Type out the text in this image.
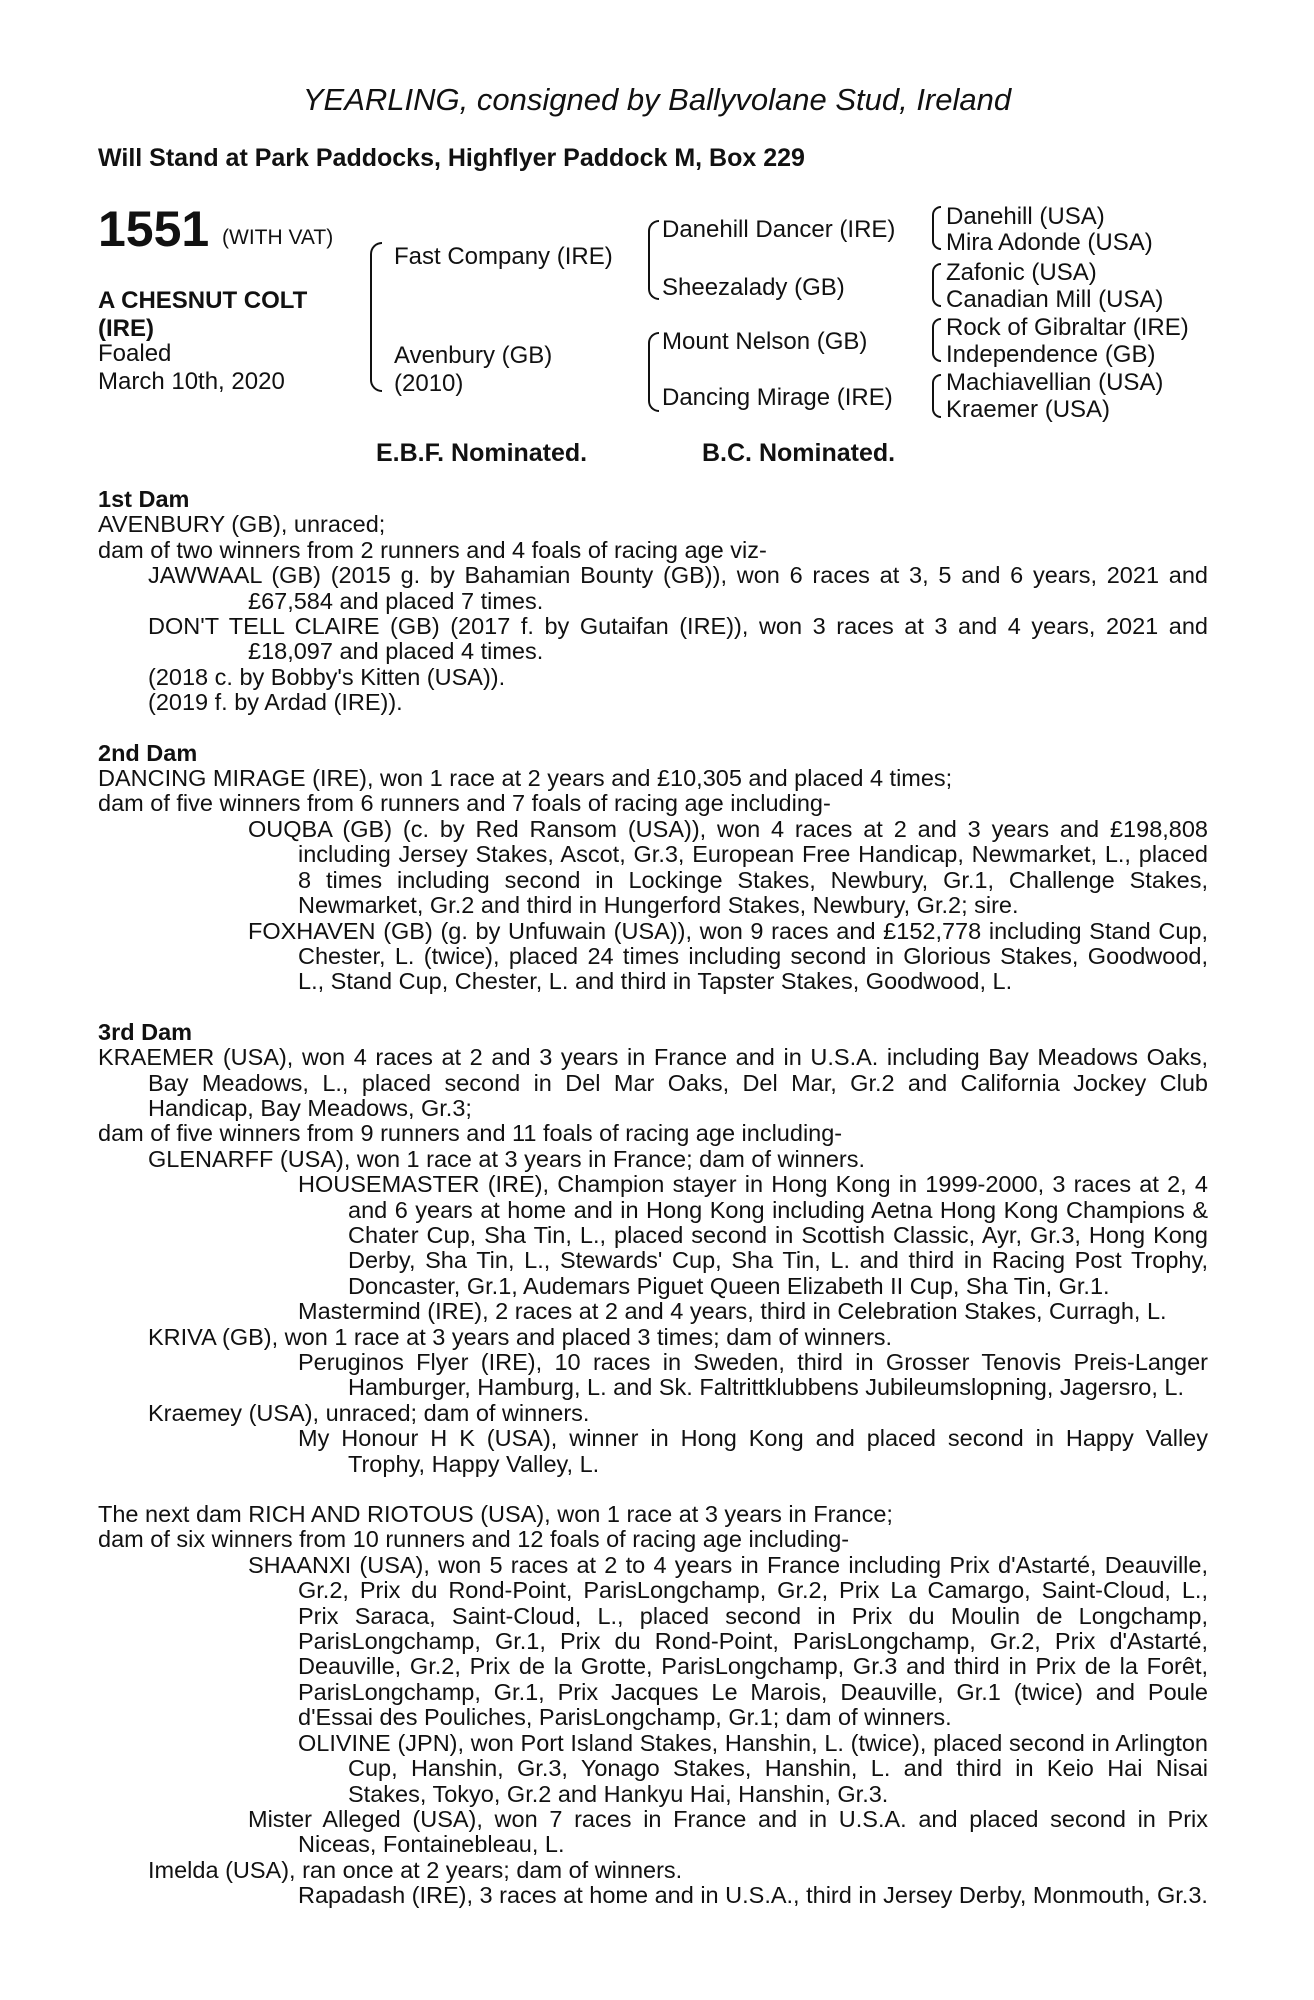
YEARLING, consigned by Ballyvolane Stud, Ireland
Will Stand at Park Paddocks, Highflyer Paddock M, Box 229
1551 (WITH VAT)
A CHESNUT COLT
(IRE)
Foaled
March 10th, 2020
Fast Company (IRE)
Avenbury (GB)
(2010)
Danehill Dancer (IRE)
Sheezalady (GB)
Mount Nelson (GB)
Dancing Mirage (IRE)
Danehill (USA)
Mira Adonde (USA)
Zafonic (USA)
Canadian Mill (USA)
Rock of Gibraltar (IRE)
Independence (GB)
Machiavellian (USA)
Kraemer (USA)
E.B.F. Nominated.	B.C. Nominated.

1st Dam

AVENBURY (GB), unraced;

dam of two winners from 2 runners and 4 foals of racing age viz-

JAWWAAL (GB) (2015 g. by Bahamian Bounty (GB)), won 6 races at 3, 5 and 6 years, 2021 and £67,584 and placed 7 times.

DON'T TELL CLAIRE (GB) (2017 f. by Gutaifan (IRE)), won 3 races at 3 and 4 years, 2021 and £18,097 and placed 4 times.

(2018 c. by Bobby's Kitten (USA)).

(2019 f. by Ardad (IRE)).

2nd Dam

DANCING MIRAGE (IRE), won 1 race at 2 years and £10,305 and placed 4 times;

dam of five winners from 6 runners and 7 foals of racing age including-

OUQBA (GB) (c. by Red Ransom (USA)), won 4 races at 2 and 3 years and £198,808 including Jersey Stakes, Ascot, Gr.3, European Free Handicap, Newmarket, L., placed 8 times including second in Lockinge Stakes, Newbury, Gr.1, Challenge Stakes, Newmarket, Gr.2 and third in Hungerford Stakes, Newbury, Gr.2; sire.

FOXHAVEN (GB) (g. by Unfuwain (USA)), won 9 races and £152,778 including Stand Cup, Chester, L. (twice), placed 24 times including second in Glorious Stakes, Goodwood, L., Stand Cup, Chester, L. and third in Tapster Stakes, Goodwood, L.

3rd Dam

KRAEMER (USA), won 4 races at 2 and 3 years in France and in U.S.A. including Bay Meadows Oaks, Bay Meadows, L., placed second in Del Mar Oaks, Del Mar, Gr.2 and California Jockey Club Handicap, Bay Meadows, Gr.3;

dam of five winners from 9 runners and 11 foals of racing age including-

GLENARFF (USA), won 1 race at 3 years in France; dam of winners.

HOUSEMASTER (IRE), Champion stayer in Hong Kong in 1999-2000, 3 races at 2, 4 and 6 years at home and in Hong Kong including Aetna Hong Kong Champions & Chater Cup, Sha Tin, L., placed second in Scottish Classic, Ayr, Gr.3, Hong Kong Derby, Sha Tin, L., Stewards' Cup, Sha Tin, L. and third in Racing Post Trophy, Doncaster, Gr.1, Audemars Piguet Queen Elizabeth II Cup, Sha Tin, Gr.1.

Mastermind (IRE), 2 races at 2 and 4 years, third in Celebration Stakes, Curragh, L.

KRIVA (GB), won 1 race at 3 years and placed 3 times; dam of winners.

Peruginos Flyer (IRE), 10 races in Sweden, third in Grosser Tenovis Preis-Langer Hamburger, Hamburg, L. and Sk. Faltrittklubbens Jubileumslopning, Jagersro, L.

Kraemey (USA), unraced; dam of winners.

My Honour H K (USA), winner in Hong Kong and placed second in Happy Valley Trophy, Happy Valley, L.

The next dam RICH AND RIOTOUS (USA), won 1 race at 3 years in France;

dam of six winners from 10 runners and 12 foals of racing age including-

SHAANXI (USA), won 5 races at 2 to 4 years in France including Prix d'Astarté, Deauville, Gr.2, Prix du Rond-Point, ParisLongchamp, Gr.2, Prix La Camargo, Saint-Cloud, L., Prix Saraca, Saint-Cloud, L., placed second in Prix du Moulin de Longchamp, ParisLongchamp, Gr.1, Prix du Rond-Point, ParisLongchamp, Gr.2, Prix d'Astarté, Deauville, Gr.2, Prix de la Grotte, ParisLongchamp, Gr.3 and third in Prix de la Forêt, ParisLongchamp, Gr.1, Prix Jacques Le Marois, Deauville, Gr.1 (twice) and Poule d'Essai des Pouliches, ParisLongchamp, Gr.1; dam of winners.

OLIVINE (JPN), won Port Island Stakes, Hanshin, L. (twice), placed second in Arlington Cup, Hanshin, Gr.3, Yonago Stakes, Hanshin, L. and third in Keio Hai Nisai Stakes, Tokyo, Gr.2 and Hankyu Hai, Hanshin, Gr.3.

Mister Alleged (USA), won 7 races in France and in U.S.A. and placed second in Prix Niceas, Fontainebleau, L.

Imelda (USA), ran once at 2 years; dam of winners.

Rapadash (IRE), 3 races at home and in U.S.A., third in Jersey Derby, Monmouth, Gr.3.
